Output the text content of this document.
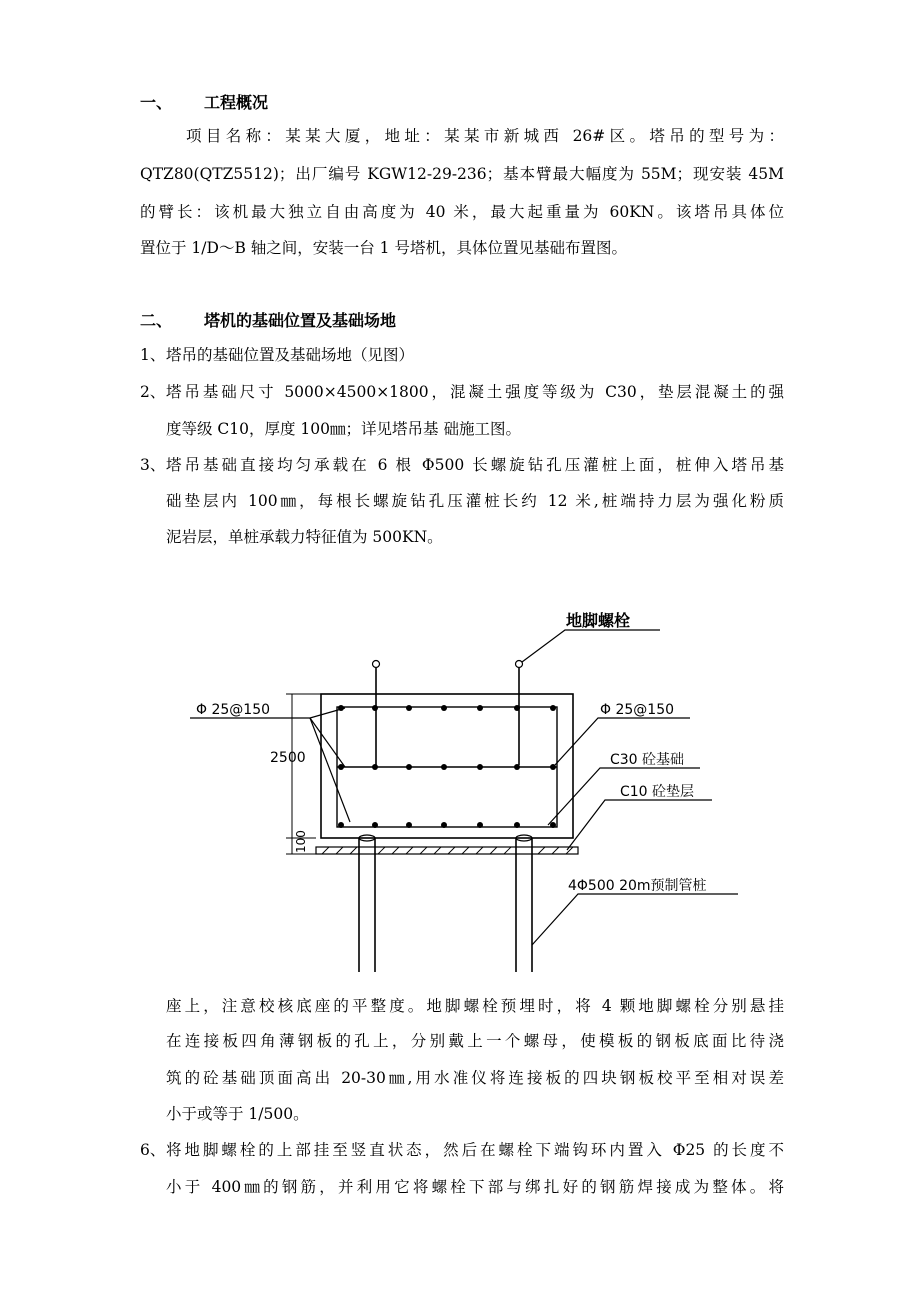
一、 工程概况
项目名称：某某大厦，地址：某某市新城西 26#区。塔吊的型号为：
QTZ80(QTZ5512)；出厂编号 KGW12-29-236；基本臂最大幅度为 55M；现安装 45M
的臂长：该机最大独立自由高度为 40 米，最大起重量为 60KN。该塔吊具体位
置位于 1/D～B 轴之间，安装一台 1 号塔机，具体位置见基础布置图。
二、 塔机的基础位置及基础场地
1、 塔吊的基础位置及基础场地（见图）
2、 塔吊基础尺寸 5000×4500×1800，混凝土强度等级为 C30，垫层混凝土的强
度等级 C10，厚度 100㎜；详见塔吊基 础施工图。
3、 塔吊基础直接均匀承载在 6 根 Φ500 长螺旋钻孔压灌桩上面，桩伸入塔吊基
础垫层内 100㎜，每根长螺旋钻孔压灌桩长约 12 米,桩端持力层为强化粉质
泥岩层，单桩承载力特征值为 500KN。
地脚螺栓
Φ 25@150	Φ 25@150
C30 砼基础
C10 砼垫层
4Φ500 20m预制管桩
2500
100
座上，注意校核底座的平整度。地脚螺栓预埋时，将 4 颗地脚螺栓分别悬挂
在连接板四角薄钢板的孔上，分别戴上一个螺母，使模板的钢板底面比待浇
筑的砼基础顶面高出 20-30㎜,用水准仪将连接板的四块钢板校平至相对误差
小于或等于 1/500。
6、 将地脚螺栓的上部挂至竖直状态，然后在螺栓下端钩环内置入 Φ25 的长度不
小于 400㎜的钢筋，并利用它将螺栓下部与绑扎好的钢筋焊接成为整体。将
